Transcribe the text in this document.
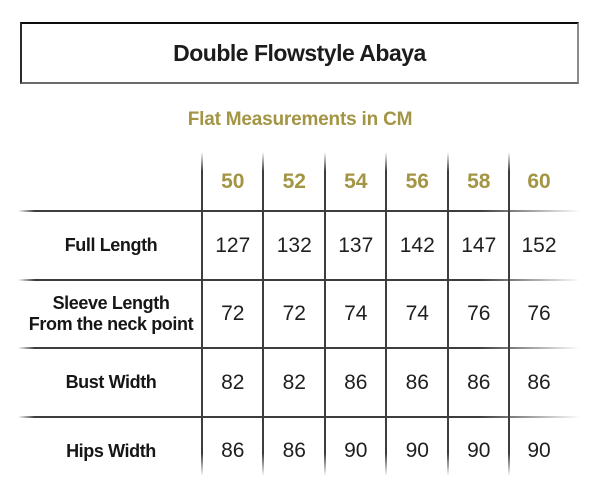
Double Flowstyle Abaya
Flat Measurements in CM
50	52	54	56	58	60
Full Length	127	132	137	142	147	152
Sleeve Length
From the neck point	72	72	74	74	76	76
Bust Width	82	82	86	86	86	86
Hips Width	86	86	90	90	90	90
